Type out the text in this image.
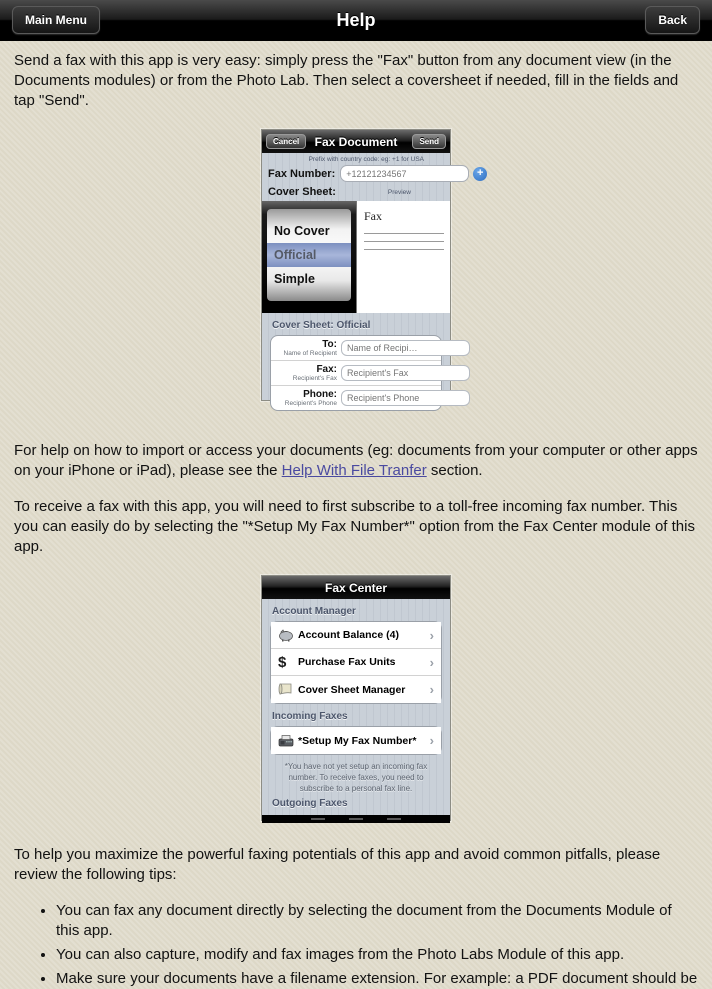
Help
Main Menu	Back

Send a fax with this app is very easy: simply press the "Fax" button from any document view (in the Documents modules) or from the Photo Lab. Then select a coversheet if needed, fill in the fields and tap "Send".

Fax Document
Cancel	Send
Prefix with country code: eg: +1 for USA
Fax Number:
+12121234567	+
Cover Sheet:	Preview
No Cover
Official
Simple
Fax
Cover Sheet: Official
To:
Name of Recipient
Name of Recipi…
Fax:
Recipient's Fax
Recipient's Fax
Phone:
Recipient's Phone
Recipient's Phone

For help on how to import or access your documents (eg: documents from your computer or other apps on your iPhone or iPad), please see the Help With File Tranfer section.

To receive a fax with this app, you will need to first subscribe to a toll-free incoming fax number. This you can easily do by selecting the "*Setup My Fax Number*" option from the Fax Center module of this app.

Fax Center
Account Manager
Account Balance (4)	›
$ Purchase Fax Units	›
Cover Sheet Manager	›
Incoming Faxes
*Setup My Fax Number*	›
*You have not yet setup an incoming fax number. To receive faxes, you need to subscribe to a personal fax line.
Outgoing Faxes

To help you maximize the powerful faxing potentials of this app and avoid common pitfalls, please review the following tips:

• You can fax any document directly by selecting the document from the Documents Module of this app.
• You can also capture, modify and fax images from the Photo Labs Module of this app.
• Make sure your documents have a filename extension. For example: a PDF document should be
